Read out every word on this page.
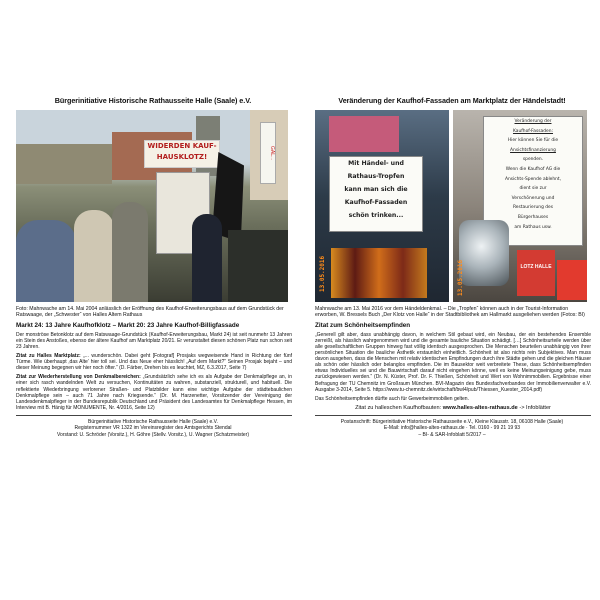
Bürgerinitiative Historische Rathausseite Halle (Saale) e.V.
WIDERDEN KAUF-
HAUSKLOTZ!	GAL...
Foto: Mahnwache am 14. Mai 2004 anlässlich der Eröffnung des Kaufhof-Erweiterungsbaus auf dem Grundstück der Ratswaage, der „Schwester“ von Halles Altem Rathaus
Markt 24: 13 Jahre Kaufhofklotz – Markt 20: 23 Jahre Kaufhof-Billigfassade
Der monströse Betonklotz auf dem Ratswaage-Grundstück (Kaufhof-Erweiterungsbau, Markt 24) ist seit nunmehr 13 Jahren ein Stein des Anstoßes, ebenso der ältere Kaufhof am Marktplatz 20/21. Er verunstaltet diesen schönen Platz nun schon seit 23 Jahren.
Zitat zu Halles Marktplatz: „... wunderschön. Dabei geht [Fotograf] Prosjaks wegweisende Hand in Richtung der fünf Türme. Wie überhaupt ‚das Alte‘ hier toll sei. Und das Neue eher hässlich! „Auf dem Markt?“ Seinen Prosjak bejaht – und dieser Meinung begegnen wir hier noch öfter.“ (D. Färber, Drehen bis es leuchtet, MZ, 6.3.2017, Seite 7)
Zitat zur Wiederherstellung von Denkmalbereichen: „Grundsätzlich sehe ich es als Aufgabe der Denkmalpflege an, in einer sich rasch wandelnden Welt zu versuchen, Kontinuitäten zu wahren, substanziell, strukturell, und habituell. Die reflektierte Wiederbringung verlorener Straßen- und Platzbilder kann eine wichtige Aufgabe der städtebaulichen Denkmalpflege sein – auch 71 Jahre nach Kriegsende.“ (Dr. M. Harzenetter, Vorsitzender der Vereinigung der Landesdenkmalpfleger in der Bundesrepublik Deutschland und Präsident des Landesamtes für Denkmalpflege Hessen, im Interview mit B. Hänig für MONUMENTE, Nr. 4/2016, Seite 12)
Bürgerinitiative Historische Rathausseite Halle (Saale) e.V.
Registernummer VR 1322 im Vereinsregister des Amtsgerichts Stendal
Vorstand: U. Schröder (Vorsitz.), H. Göhre (Stellv. Vorsitz.), U. Wagner (Schatzmeister)
Veränderung der Kaufhof-Fassaden am Marktplatz der Händelstadt!
Mit Händel- und
Rathaus-Tropfen
kann man sich die
Kaufhof-Fassaden
schön trinken...
13.05.2016
Veränderung der
Kaufhof-Fassaden:
Hier können Sie für die
Ansichtsfinanzierung
spenden.
Wenn die Kaufhof AG die
Ansichts-Spende ablehnt,
dient sie zur
Verschönerung und
Restaurierung des
Bürgerhauses
am Rathaus usw.
LOTZ HALLE
13.05.2016
Mahnwache am 13. Mai 2016 vor dem Händeldenkmal. – Die „Tropfen“ können auch in der Tourist-Information erworben, W. Bressels Buch „Der Klotz von Halle“ in der Stadtbibliothek am Hallmarkt ausgeliehen werden (Fotos: BI)
Zitat zum Schönheitsempfinden
„Generell gilt aber, dass unabhängig davon, in welchem Stil gebaut wird, ein Neubau, der ein bestehendes Ensemble zerreißt, als hässlich wahrgenommen wird und die gesamte bauliche Situation schädigt. […] Schönheitsurteile werden über alle gesellschaftlichen Gruppen hinweg fast völlig identisch ausgesprochen. Die Menschen beurteilen unabhängig von ihrer persönlichen Situation die bauliche Ästhetik erstaunlich einheitlich. Schönheit ist also nichts rein Subjektives. Man muss davon ausgehen, dass die Menschen mit relativ identischen Empfindungen durch ihre Städte gehen und die gleichen Häuser als schön oder hässlich oder belanglos empfinden. Die im Bausektor weit verbreitete These, dass Schönheitsempfinden etwas Individuelles sei und die Bauwirtschaft darauf nicht eingehen könne, weil es keine Meinungseinigung gebe, muss zurückgewiesen werden.“ (Dr. N. Küster, Prof. Dr. F. Thießen, Schönheit und Wert von Wohnimmobilien. Ergebnisse einer Befragung der TU Chemnitz im Großraum München. BVI-Magazin des Bundesfachverbandes der Immobilienverwalter e.V. Ausgabe 3-2014, Seite 5. https://www.tu-chemnitz.de/wirtschaft/bwl4/pub/Thiessen_Kuester_2014.pdf)
Das Schönheitsempfinden dürfte auch für Gewerbeimmobilien gelten.
Zitat zu halleschen Kaufhofbauten: www.halles-altes-rathaus.de -> Infoblätter
Postanschrift: Bürgerinitiative Historische Rathausseite e.V., Kleine Klausstr. 18, 06108 Halle (Saale)
E-Mail: info@halles-altes-rathaus.de · Tel. 0160 - 99 21 19 93
– BI- & SAR-Infoblatt 5/2017 –
